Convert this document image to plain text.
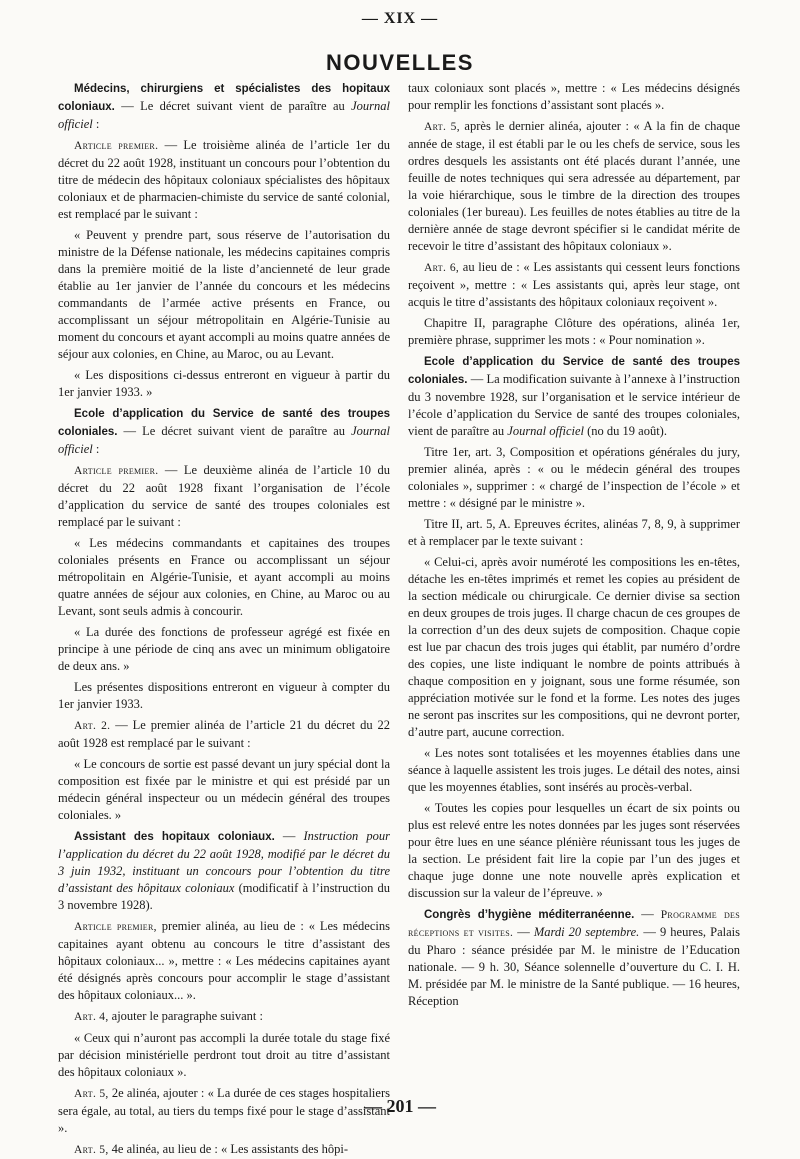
— XIX —
NOUVELLES

Médecins, chirurgiens et spécialistes des hopitaux coloniaux. — Le décret suivant vient de paraître au Journal officiel :

Article premier. — Le troisième alinéa de l’article 1er du décret du 22 août 1928, instituant un concours pour l’obtention du titre de médecin des hôpitaux coloniaux spécialistes des hôpitaux coloniaux et de pharmacien-chimiste du service de santé colonial, est remplacé par le suivant :

« Peuvent y prendre part, sous réserve de l’autorisation du ministre de la Défense nationale, les médecins capitaines compris dans la première moitié de la liste d’ancienneté de leur grade établie au 1er janvier de l’année du concours et les médecins commandants de l’armée active présents en France, ou accomplissant un séjour métropolitain en Algérie-Tunisie au moment du concours et ayant accompli au moins quatre années de séjour aux colonies, en Chine, au Maroc, ou au Levant.

« Les dispositions ci-dessus entreront en vigueur à partir du 1er janvier 1933. »

Ecole d’application du Service de santé des troupes coloniales. — Le décret suivant vient de paraître au Journal officiel :

Article premier. — Le deuxième alinéa de l’article 10 du décret du 22 août 1928 fixant l’organisation de l’école d’application du service de santé des troupes coloniales est remplacé par le suivant :

« Les médecins commandants et capitaines des troupes coloniales présents en France ou accomplissant un séjour métropolitain en Algérie-Tunisie, et ayant accompli au moins quatre années de séjour aux colonies, en Chine, au Maroc ou au Levant, sont seuls admis à concourir.

« La durée des fonctions de professeur agrégé est fixée en principe à une période de cinq ans avec un minimum obligatoire de deux ans. »

Les présentes dispositions entreront en vigueur à compter du 1er janvier 1933.

Art. 2. — Le premier alinéa de l’article 21 du décret du 22 août 1928 est remplacé par le suivant :

« Le concours de sortie est passé devant un jury spécial dont la composition est fixée par le ministre et qui est présidé par un médecin général inspecteur ou un médecin général des troupes coloniales. »

Assistant des hopitaux coloniaux. — Instruction pour l’application du décret du 22 août 1928, modifié par le décret du 3 juin 1932, instituant un concours pour l’obtention du titre d’assistant des hôpitaux coloniaux (modificatif à l’instruction du 3 novembre 1928).

Article premier, premier alinéa, au lieu de : « Les médecins capitaines ayant obtenu au concours le titre d’assistant des hôpitaux coloniaux... », mettre : « Les médecins capitaines ayant été désignés après concours pour accomplir le stage d’assistant des hôpitaux coloniaux... ».

Art. 4, ajouter le paragraphe suivant :

« Ceux qui n’auront pas accompli la durée totale du stage fixé par décision ministérielle perdront tout droit au titre d’assistant des hôpitaux coloniaux ».

Art. 5, 2e alinéa, ajouter : « La durée de ces stages hospitaliers sera égale, au total, au tiers du temps fixé pour le stage d’assistant ».

Art. 5, 4e alinéa, au lieu de : « Les assistants des hôpi-

taux coloniaux sont placés », mettre : « Les médecins désignés pour remplir les fonctions d’assistant sont placés ».

Art. 5, après le dernier alinéa, ajouter : « A la fin de chaque année de stage, il est établi par le ou les chefs de service, sous les ordres desquels les assistants ont été placés durant l’année, une feuille de notes techniques qui sera adressée au département, par la voie hiérarchique, sous le timbre de la direction des troupes coloniales (1er bureau). Les feuilles de notes établies au titre de la dernière année de stage devront spécifier si le candidat mérite de recevoir le titre d’assistant des hôpitaux coloniaux ».

Art. 6, au lieu de : « Les assistants qui cessent leurs fonctions reçoivent », mettre : « Les assistants qui, après leur stage, ont acquis le titre d’assistants des hôpitaux coloniaux reçoivent ».

Chapitre II, paragraphe Clôture des opérations, alinéa 1er, première phrase, supprimer les mots : « Pour nomination ».

Ecole d’application du Service de santé des troupes coloniales. — La modification suivante à l’annexe à l’instruction du 3 novembre 1928, sur l’organisation et le service intérieur de l’école d’application du Service de santé des troupes coloniales, vient de paraître au Journal officiel (no du 19 août).

Titre 1er, art. 3, Composition et opérations générales du jury, premier alinéa, après : « ou le médecin général des troupes coloniales », supprimer : « chargé de l’inspection de l’école » et mettre : « désigné par le ministre ».

Titre II, art. 5, A. Epreuves écrites, alinéas 7, 8, 9, à supprimer et à remplacer par le texte suivant :

« Celui-ci, après avoir numéroté les compositions les en-têtes, détache les en-têtes imprimés et remet les copies au président de la section médicale ou chirurgicale. Ce dernier divise sa section en deux groupes de trois juges. Il charge chacun de ces groupes de la correction d’un des deux sujets de composition. Chaque copie est lue par chacun des trois juges qui établit, par numéro d’ordre des copies, une liste indiquant le nombre de points attribués à chaque composition en y joignant, sous une forme résumée, son appréciation motivée sur le fond et la forme. Les notes des juges ne seront pas inscrites sur les compositions, qui ne devront porter, d’autre part, aucune correction.

« Les notes sont totalisées et les moyennes établies dans une séance à laquelle assistent les trois juges. Le détail des notes, ainsi que les moyennes établies, sont insérés au procès-verbal.

« Toutes les copies pour lesquelles un écart de six points ou plus est relevé entre les notes données par les juges sont réservées pour être lues en une séance plénière réunissant tous les juges de la section. Le président fait lire la copie par l’un des juges et chaque juge donne une note nouvelle après explication et discussion sur la valeur de l’épreuve. »

Congrès d’hygiène méditerranéenne. — Programme des réceptions et visites. — Mardi 20 septembre. — 9 heures, Palais du Pharo : séance présidée par M. le ministre de l’Education nationale. — 9 h. 30, Séance solennelle d’ouverture du C. I. H. M. présidée par M. le ministre de la Santé publique. — 16 heures, Réception

— 201 —
